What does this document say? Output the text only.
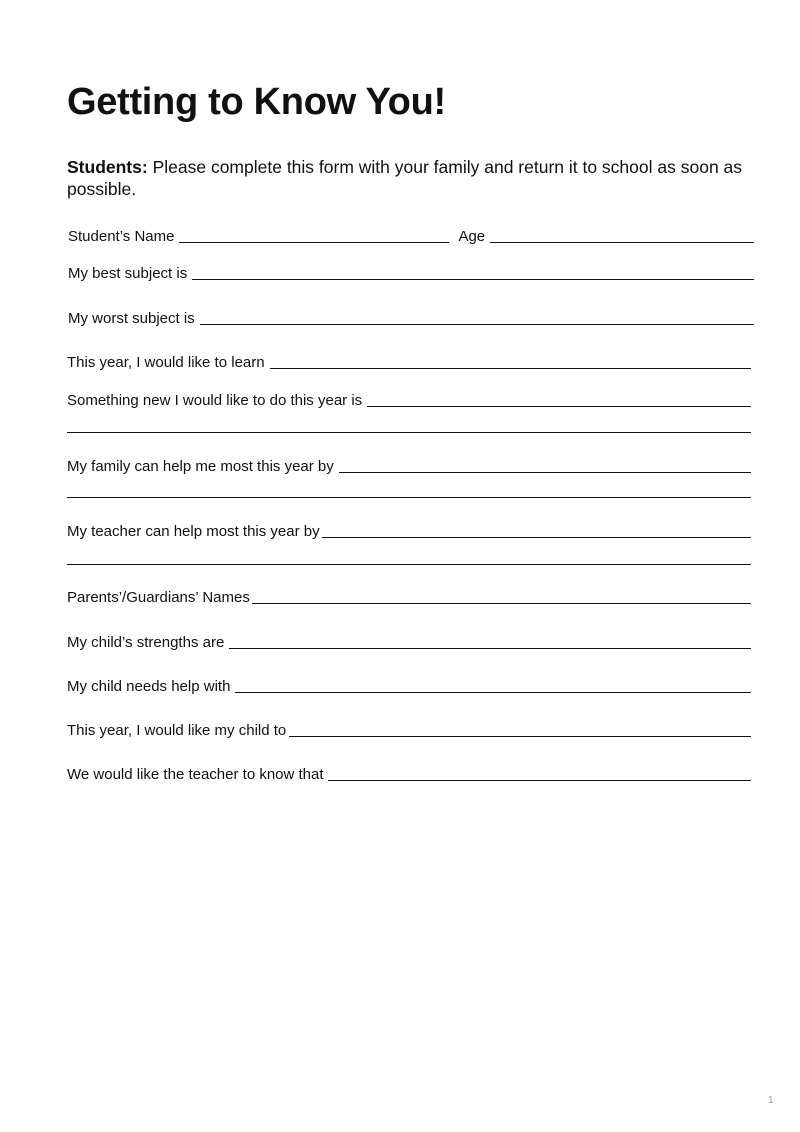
Getting to Know You!

Students: Please complete this form with your family and return it to school as soon as possible.

Student’s Name	Age
My best subject is
My worst subject is
This year, I would like to learn
Something new I would like to do this year is
My family can help me most this year by
My teacher can help most this year by
Parents’/Guardians’ Names
My child’s strengths are
My child needs help with
This year, I would like my child to
We would like the teacher to know that
1
